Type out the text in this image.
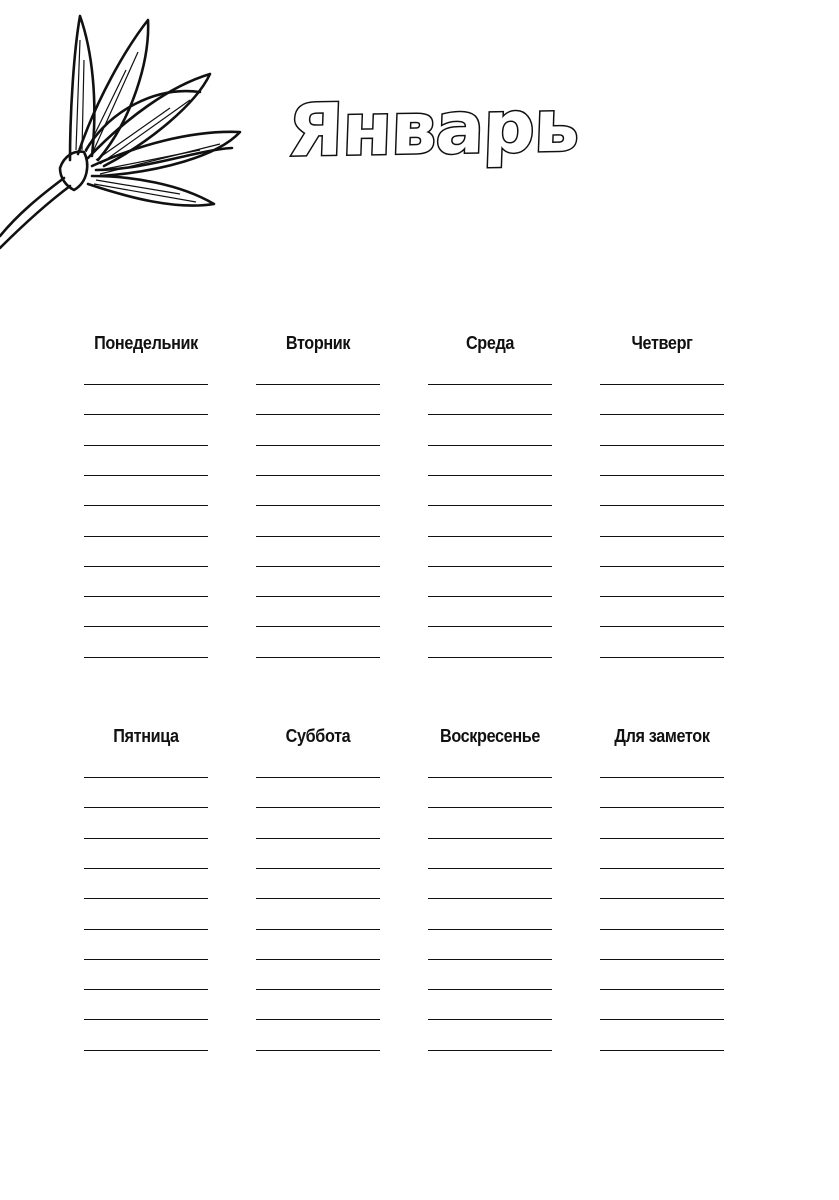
Январь
Понедельник	Вторник	Среда	Четверг
Пятница	Суббота	Воскресенье	Для заметок
